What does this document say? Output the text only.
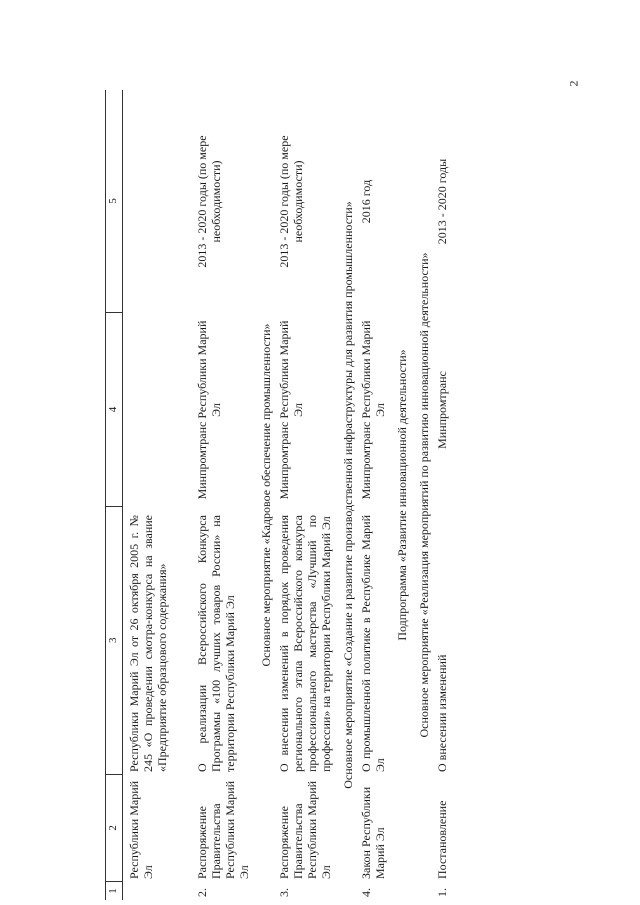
2
1
2
3
4
5
Республики Марий Эл
Республики Марий Эл от 26 октября 2005 г. № 245 «О проведении смотра-конкурса на звание «Предприятие образцового содержания»
2.
Распоряжение Правительства Республики Марий Эл
О реализации Всероссийского Конкурса Программы «100 лучших товаров России» на территории Республики Марий Эл
Минпромтранс Республики Марий Эл
2013 - 2020 годы (по мере необходимости)
Основное мероприятие «Кадровое обеспечение промышленности»
3.
Распоряжение Правительства Республики Марий Эл
О внесении изменений в порядок проведения регионального этапа Всероссийского конкурса профессионального мастерства «Лучший по профессии» на территории Республики Марий Эл
Минпромтранс Республики Марий Эл
2013 - 2020 годы (по мере необходимости)	Основное мероприятие «Создание и развитие производственной инфраструктуры для развития промышленности»
4.
Закон Республики Марий Эл
О промышленной политике в Республике Марий Эл
Минпромтранс Республики Марий Эл
2016 год
Подпрограмма «Развитие инновационной деятельности» Основное мероприятие «Реализация мероприятий по развитию инновационной деятельности»
1.
Постановление
О внесении изменений
Минпромтранс
2013 - 2020 годы
